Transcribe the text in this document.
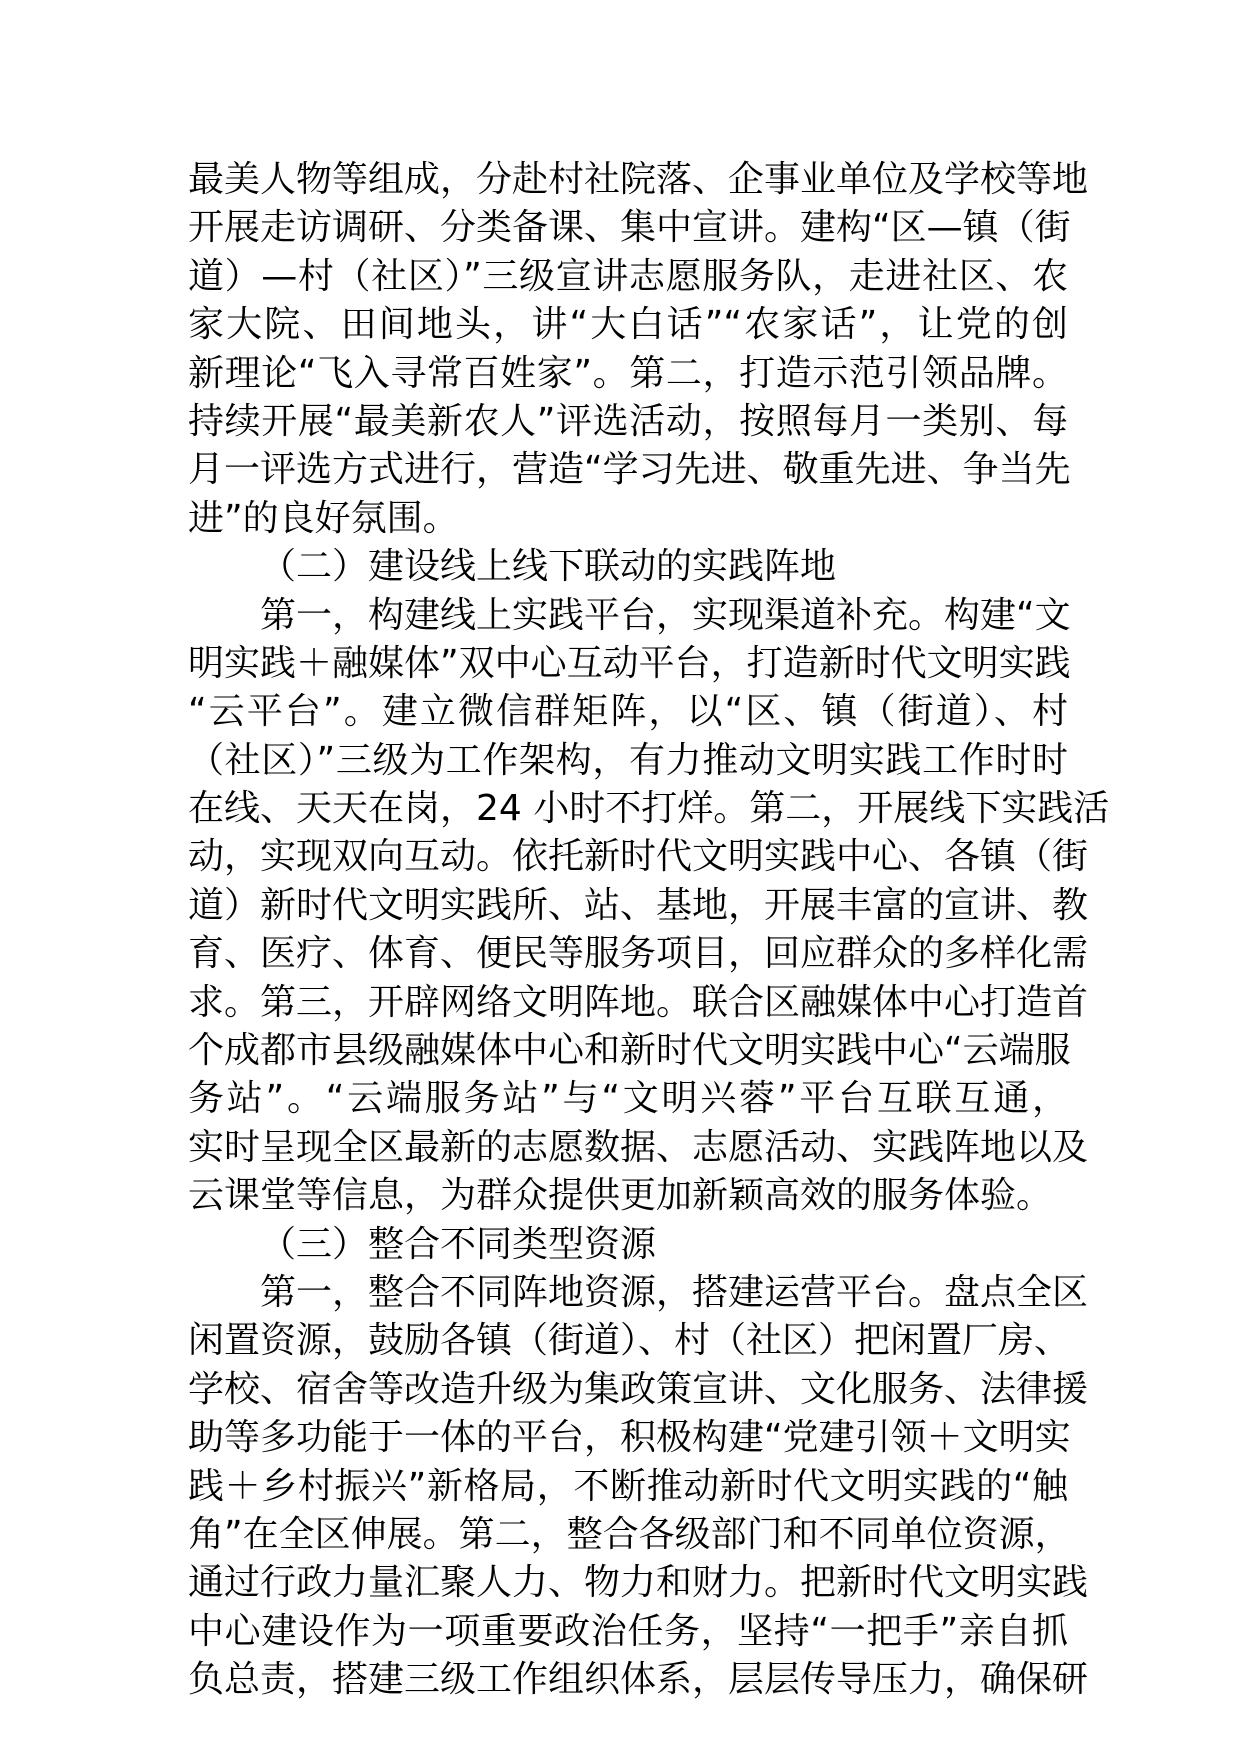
最美人物等组成，分赴村社院落、企事业单位及学校等地
开展走访调研、分类备课、集中宣讲。建构“区—镇（街
道）—村（社区）”三级宣讲志愿服务队，走进社区、农
家大院、田间地头，讲“大白话”“农家话”，让党的创
新理论“飞入寻常百姓家”。第二，打造示范引领品牌。
持续开展“最美新农人”评选活动，按照每月一类别、每
月一评选方式进行，营造“学习先进、敬重先进、争当先
进”的良好氛围。
（二）建设线上线下联动的实践阵地
第一，构建线上实践平台，实现渠道补充。构建“文
明实践＋融媒体”双中心互动平台，打造新时代文明实践
“云平台”。建立微信群矩阵，以“区、镇（街道）、村
（社区）”三级为工作架构，有力推动文明实践工作时时
在线、天天在岗，24 小时不打烊。第二，开展线下实践活
动，实现双向互动。依托新时代文明实践中心、各镇（街
道）新时代文明实践所、站、基地，开展丰富的宣讲、教
育、医疗、体育、便民等服务项目，回应群众的多样化需
求。第三，开辟网络文明阵地。联合区融媒体中心打造首
个成都市县级融媒体中心和新时代文明实践中心“云端服
务站”。“云端服务站”与“文明兴蓉”平台互联互通，
实时呈现全区最新的志愿数据、志愿活动、实践阵地以及
云课堂等信息，为群众提供更加新颖高效的服务体验。
（三）整合不同类型资源
第一，整合不同阵地资源，搭建运营平台。盘点全区
闲置资源，鼓励各镇（街道）、村（社区）把闲置厂房、
学校、宿舍等改造升级为集政策宣讲、文化服务、法律援
助等多功能于一体的平台，积极构建“党建引领＋文明实
践＋乡村振兴”新格局，不断推动新时代文明实践的“触
角”在全区伸展。第二，整合各级部门和不同单位资源，
通过行政力量汇聚人力、物力和财力。把新时代文明实践
中心建设作为一项重要政治任务，坚持“一把手”亲自抓
负总责，搭建三级工作组织体系，层层传导压力，确保研
